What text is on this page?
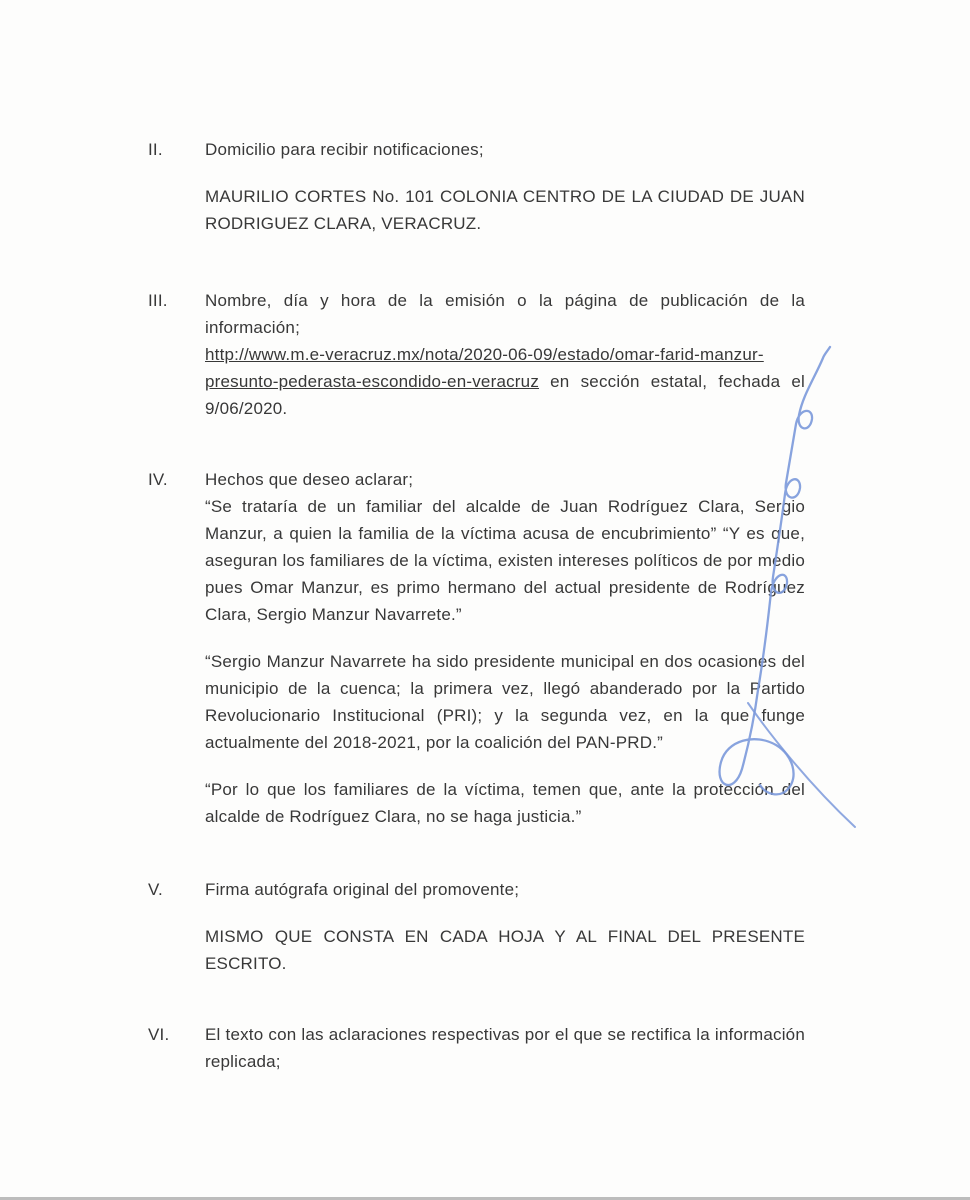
II.	Domicilio para recibir notificaciones;

MAURILIO CORTES No. 101 COLONIA CENTRO DE LA CIUDAD DE JUAN RODRIGUEZ CLARA, VERACRUZ.

III.	Nombre, día y hora de la emisión o la página de publicación de la información;

http://www.m.e-veracruz.mx/nota/2020-06-09/estado/omar-farid-manzur-presunto-pederasta-escondido-en-veracruz en sección estatal, fechada el 9/06/2020.

IV.	Hechos que deseo aclarar;

“Se trataría de un familiar del alcalde de Juan Rodríguez Clara, Sergio Manzur, a quien la familia de la víctima acusa de encubrimiento” “Y es que, aseguran los familiares de la víctima, existen intereses políticos de por medio pues Omar Manzur, es primo hermano del actual presidente de Rodríguez Clara, Sergio Manzur Navarrete.”

“Sergio Manzur Navarrete ha sido presidente municipal en dos ocasiones del municipio de la cuenca; la primera vez, llegó abanderado por la Partido Revolucionario Institucional (PRI); y la segunda vez, en la que funge actualmente del 2018-2021, por la coalición del PAN-PRD.”

“Por lo que los familiares de la víctima, temen que, ante la protección del alcalde de Rodríguez Clara, no se haga justicia.”

V.	Firma autógrafa original del promovente;

MISMO QUE CONSTA EN CADA HOJA Y AL FINAL DEL PRESENTE ESCRITO.

VI.	El texto con las aclaraciones respectivas por el que se rectifica la información replicada;
